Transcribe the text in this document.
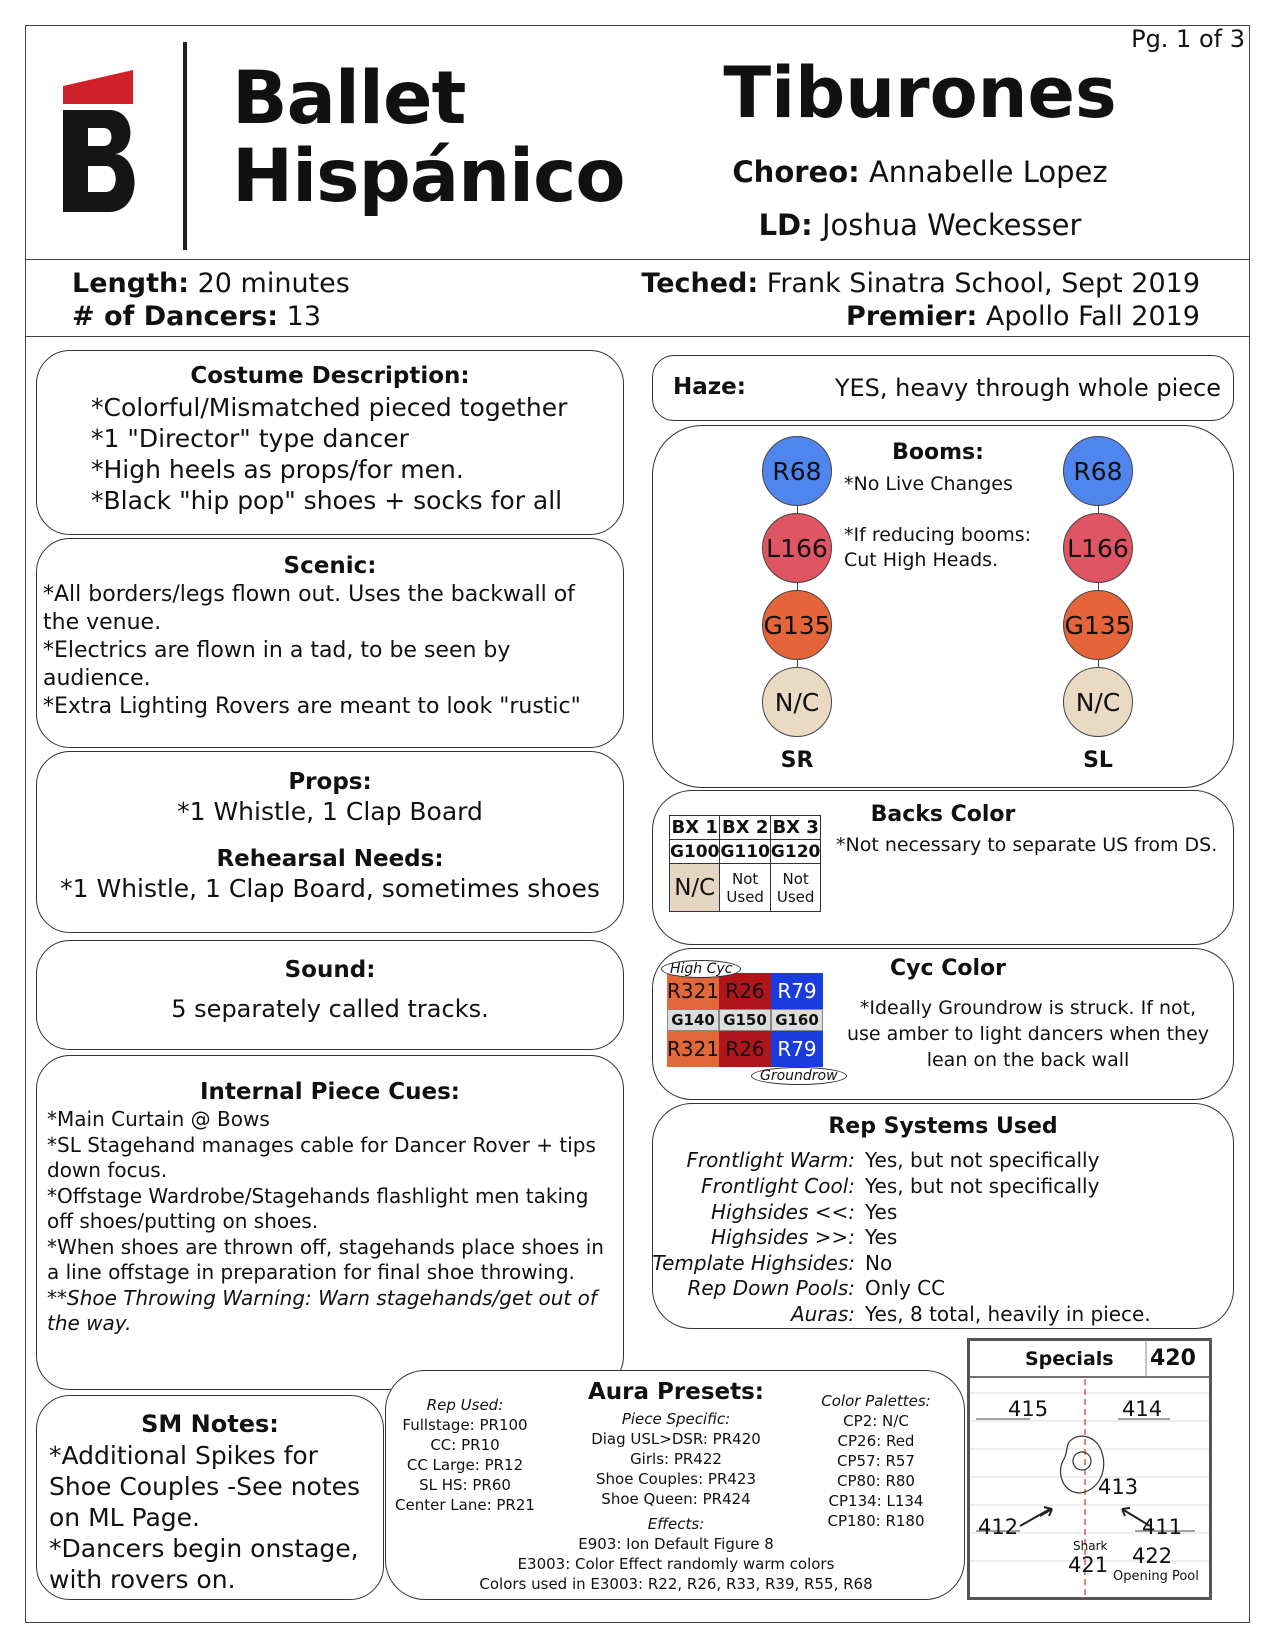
Pg. 1 of 3
Ballet
Hispánico
Tiburones
Choreo: Annabelle Lopez
LD: Joshua Weckesser
Length: 20 minutes
# of Dancers: 13
Teched: Frank Sinatra School, Sept 2019
Premier: Apollo Fall 2019
Costume Description:
*Colorful/Mismatched pieced together
*1 "Director" type dancer
*High heels as props/for men.
*Black "hip pop" shoes + socks for all
Scenic:
*All borders/legs flown out. Uses the backwall of the venue.
*Electrics are flown in a tad, to be seen by audience.
*Extra Lighting Rovers are meant to look "rustic"
Props:
*1 Whistle, 1 Clap Board
Rehearsal Needs:
*1 Whistle, 1 Clap Board, sometimes shoes
Sound:
5 separately called tracks.
Internal Piece Cues:
*Main Curtain @ Bows
*SL Stagehand manages cable for Dancer Rover + tips down focus.
*Offstage Wardrobe/Stagehands flashlight men taking off shoes/putting on shoes.
*When shoes are thrown off, stagehands place shoes in a line offstage in preparation for final shoe throwing.
**Shoe Throwing Warning: Warn stagehands/get out of the way.
SM Notes:
*Additional Spikes for Shoe Couples -See notes on ML Page.
*Dancers begin onstage, with rovers on.
Aura Presets:
Rep Used:
Fullstage: PR100
CC: PR10
CC Large: PR12
SL HS: PR60
Center Lane: PR21
Piece Specific:
Diag USL>DSR: PR420
Girls: PR422
Shoe Couples: PR423
Shoe Queen: PR424
Color Palettes:
CP2: N/C
CP26: Red
CP57: R57
CP80: R80
CP134: L134
CP180: R180
Effects:
E903: Ion Default Figure 8
E3003: Color Effect randomly warm colors
Colors used in E3003: R22, R26, R33, R39, R55, R68
Haze:	YES, heavy through whole piece
Booms:
*No Live Changes
*If reducing booms: Cut High Heads.
R68
L166
G135
N/C
SR
R68
L166
G135
N/C
SL
Backs Color
*Not necessary to separate US from DS.
BX 1	BX 2	BX 3
G100	G110	G120
N/C	Not Used	Not Used
Cyc Color
*Ideally Groundrow is struck. If not, use amber to light dancers when they lean on the back wall
R321 R26 R79
G140 G150 G160
R321 R26 R79
High Cyc
Groundrow
Rep Systems Used
Frontlight Warm: Yes, but not specifically
Frontlight Cool: Yes, but not specifically
Highsides <<: Yes
Highsides >>: Yes
Template Highsides: No
Rep Down Pools: Only CC
Auras: Yes, 8 total, heavily in piece.
Specials 420
415	414
413
412	411
Shark
421 422
Opening Pool
